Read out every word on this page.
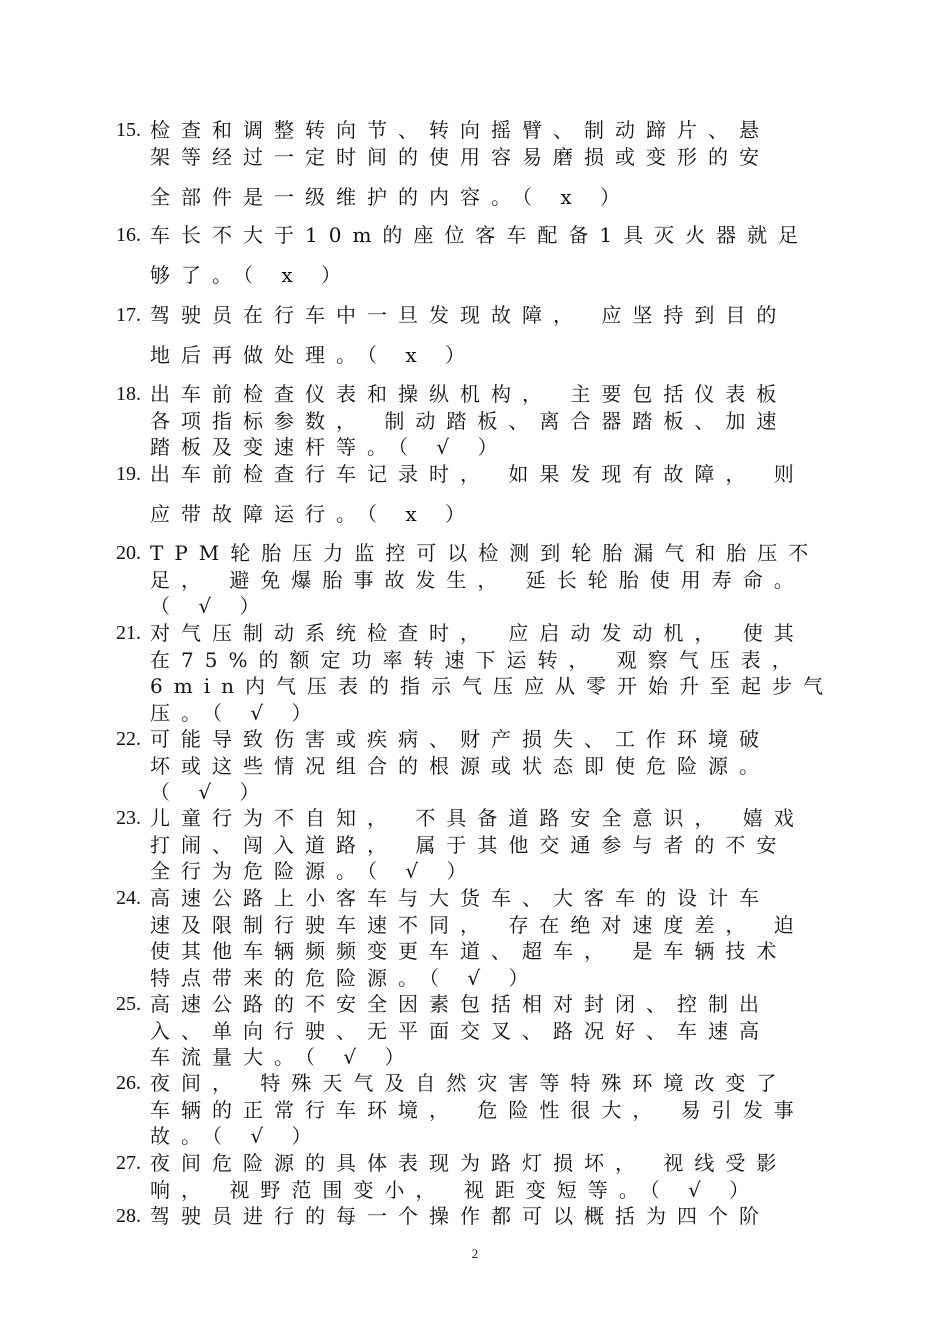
15. 检查和调整转向节、转向摇臂、制动蹄片、悬
架等经过一定时间的使用容易磨损或变形的安
全部件是一级维护的内容。（ x ）
16. 车长不大于10m的座位客车配备1具灭火器就足
够了。（ x ）
17. 驾驶员在行车中一旦发现故障， 应坚持到目的
地后再做处理。（ x ）
18. 出车前检查仪表和操纵机构， 主要包括仪表板
各项指标参数， 制动踏板、离合器踏板、加速
踏板及变速杆等。（ √ ）
19. 出车前检查行车记录时， 如果发现有故障， 则
应带故障运行。（ x ）
20. TPM轮胎压力监控可以检测到轮胎漏气和胎压不
足， 避免爆胎事故发生， 延长轮胎使用寿命。
（ √ ）
21. 对气压制动系统检查时， 应启动发动机， 使其
在75%的额定功率转速下运转， 观察气压表，
6min内气压表的指示气压应从零开始升至起步气
压。（ √ ）
22. 可能导致伤害或疾病、财产损失、工作环境破
坏或这些情况组合的根源或状态即使危险源。
（ √ ）
23. 儿童行为不自知， 不具备道路安全意识， 嬉戏
打闹、闯入道路， 属于其他交通参与者的不安
全行为危险源。（ √ ）
24. 高速公路上小客车与大货车、大客车的设计车
速及限制行驶车速不同， 存在绝对速度差， 迫
使其他车辆频频变更车道、超车， 是车辆技术
特点带来的危险源。（ √ ）
25. 高速公路的不安全因素包括相对封闭、控制出
入、单向行驶、无平面交叉、路况好、车速高
车流量大。（ √ ）
26. 夜间， 特殊天气及自然灾害等特殊环境改变了
车辆的正常行车环境， 危险性很大， 易引发事
故。（ √ ）
27. 夜间危险源的具体表现为路灯损坏， 视线受影
响， 视野范围变小， 视距变短等。（ √ ）
28. 驾驶员进行的每一个操作都可以概括为四个阶
2
